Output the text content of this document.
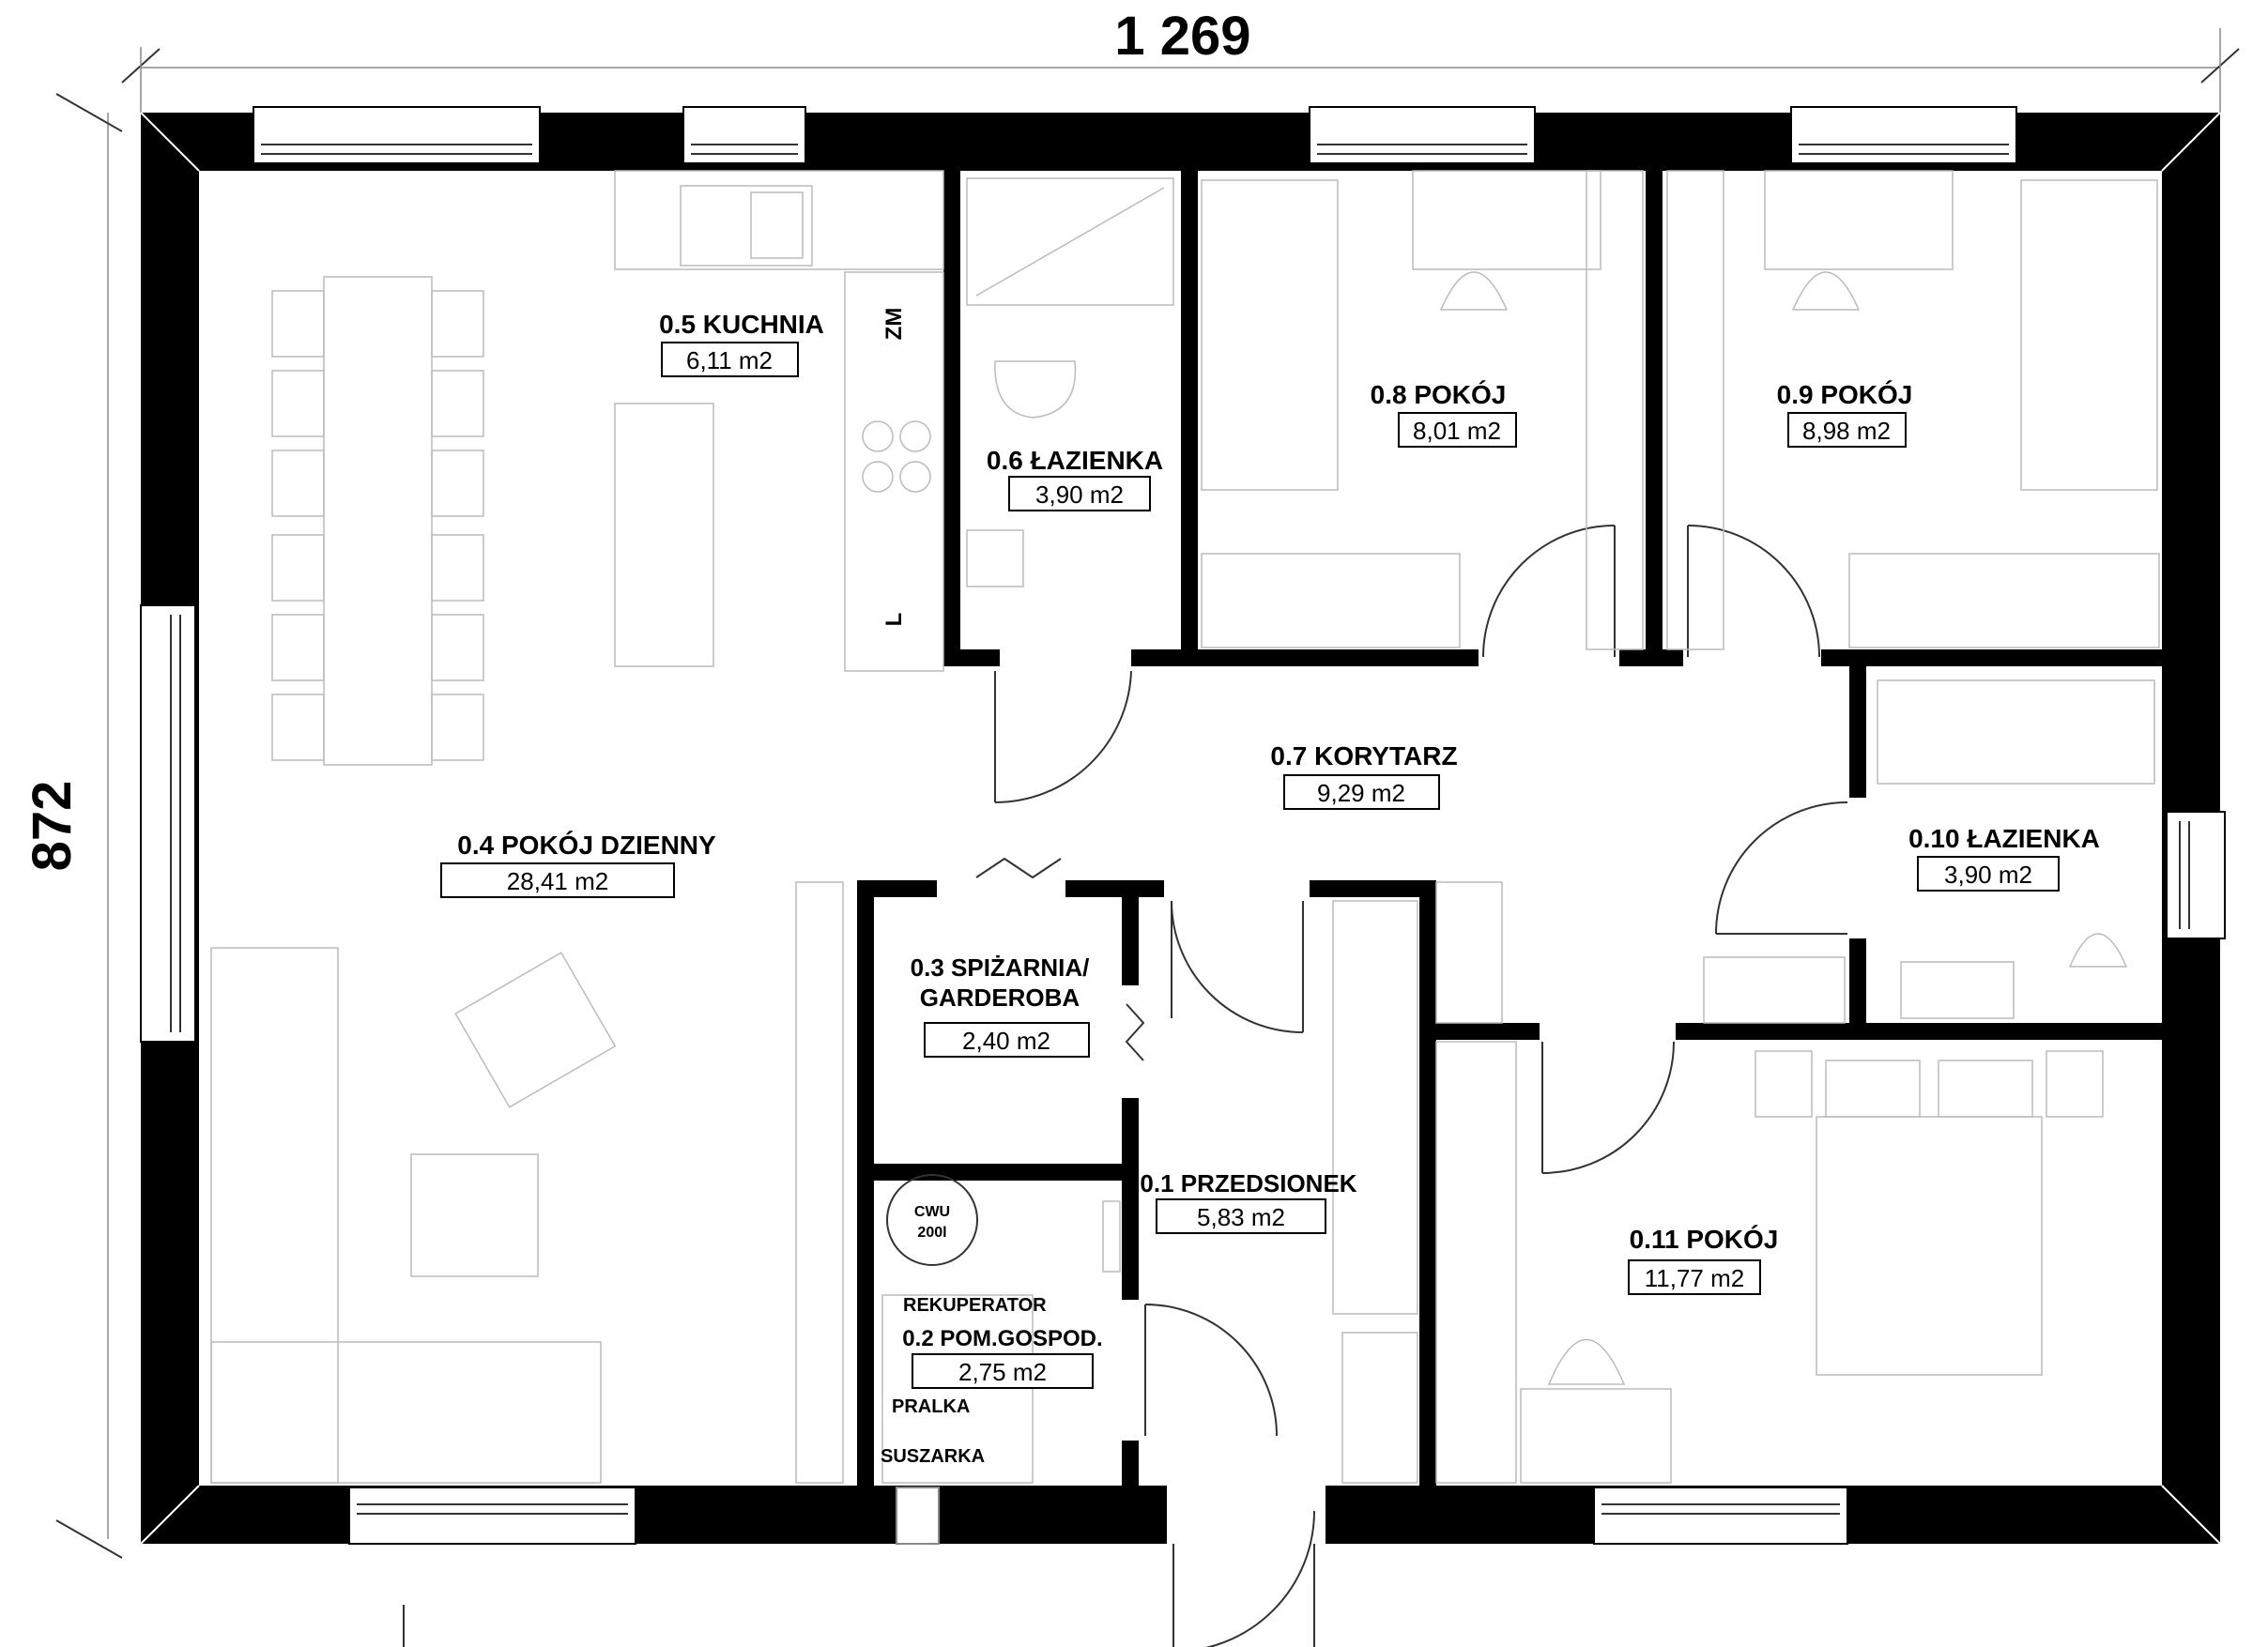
1 269
872
ZM
L
CWU
200l
REKUPERATOR
PRALKA
SUSZARKA
0.5 KUCHNIA
6,11 m2
0.6 ŁAZIENKA
3,90 m2
0.8 POKÓJ
8,01 m2
0.9 POKÓJ
8,98 m2
0.7 KORYTARZ
9,29 m2
0.10 ŁAZIENKA
3,90 m2
0.4 POKÓJ DZIENNY
28,41 m2
0.3 SPIŻARNIA/
GARDEROBA
2,40 m2
0.1 PRZEDSIONEK
5,83 m2
0.11 POKÓJ
11,77 m2
0.2 POM.GOSPOD.
2,75 m2
